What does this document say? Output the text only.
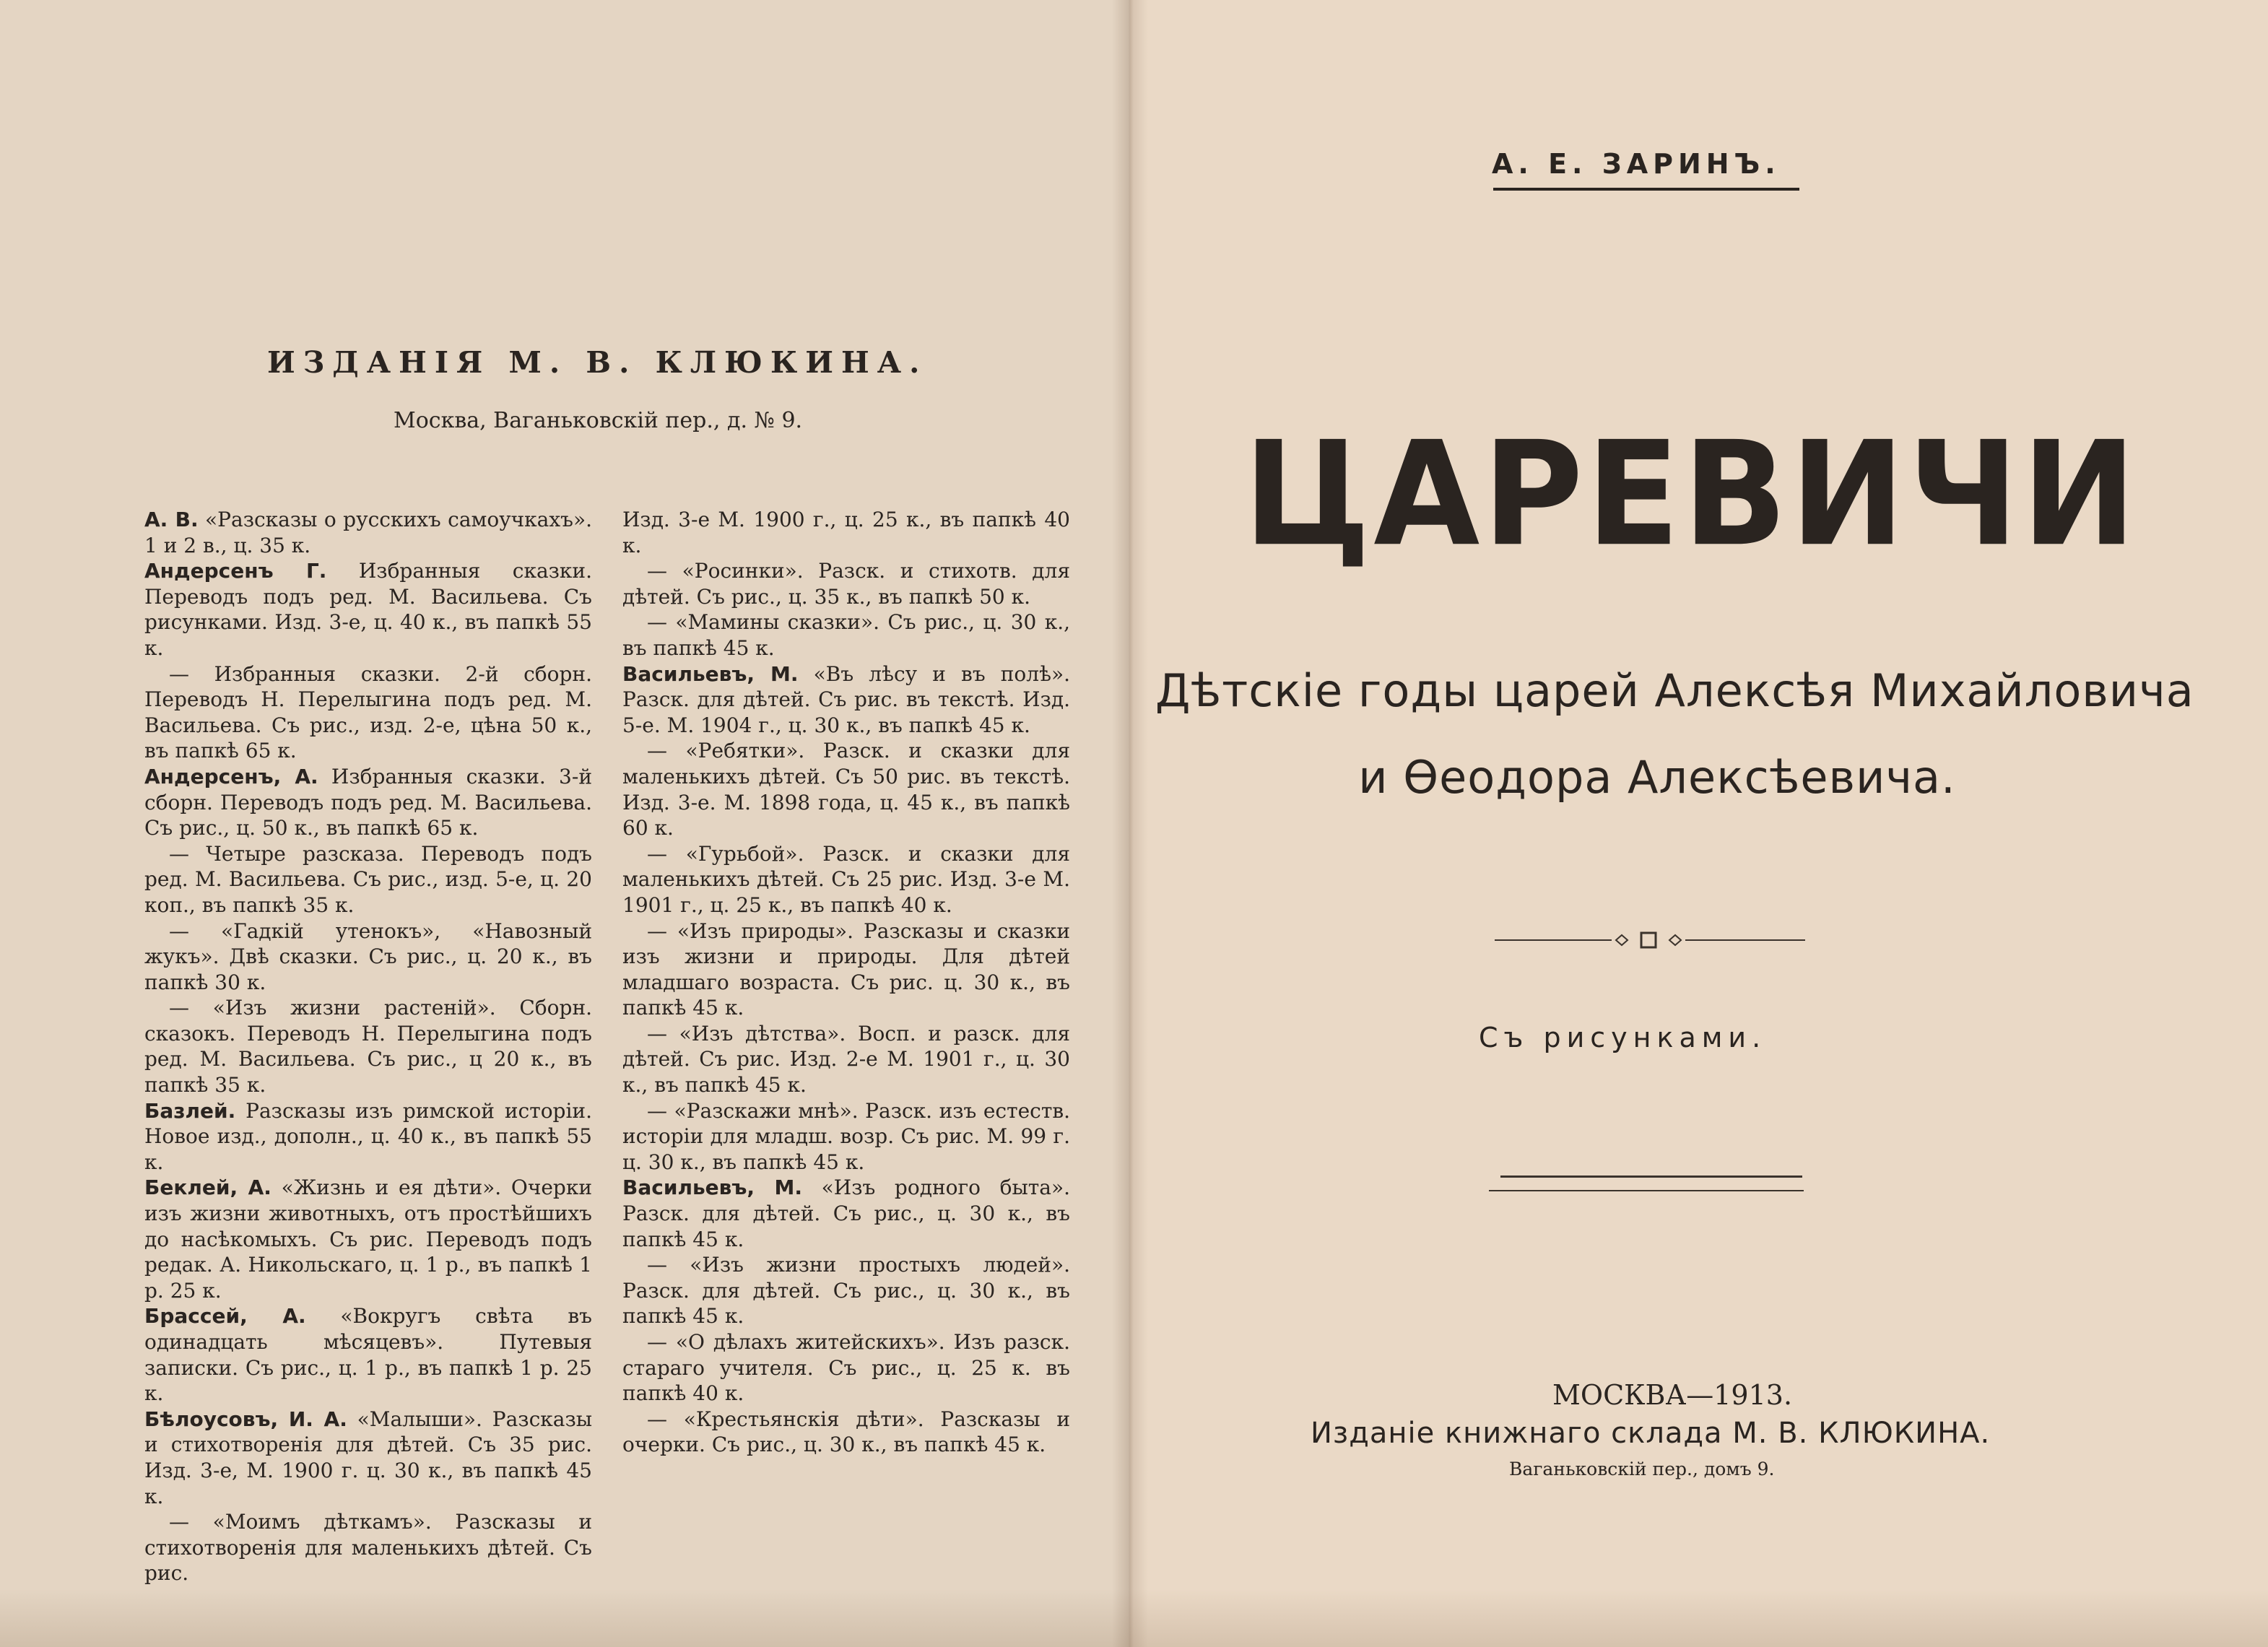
ИЗДАНІЯ М. В. КЛЮКИНА.
Москва, Ваганьковскій пер., д. № 9.

А. В. «Разсказы о русскихъ самоучкахъ». 1 и 2 в., ц. 35 к.

Андерсенъ Г. Избранныя сказки. Переводъ подъ ред. М. Васильева. Съ рисунками. Изд. 3-е, ц. 40 к., въ папкѣ 55 к.

— Избранныя сказки. 2-й сборн. Переводъ Н. Перелыгина подъ ред. М. Васильева. Съ рис., изд. 2-е, цѣна 50 к., въ папкѣ 65 к.

Андерсенъ, А. Избранныя сказки. 3-й сборн. Переводъ подъ ред. М. Васильева. Съ рис., ц. 50 к., въ папкѣ 65 к.

— Четыре разсказа. Переводъ подъ ред. М. Васильева. Съ рис., изд. 5-е, ц. 20 коп., въ папкѣ 35 к.

— «Гадкій утенокъ», «Навозный жукъ». Двѣ сказки. Съ рис., ц. 20 к., въ папкѣ 30 к.

— «Изъ жизни растеній». Сборн. сказокъ. Переводъ Н. Перелыгина подъ ред. М. Васильева. Съ рис., ц 20 к., въ папкѣ 35 к.

Базлей. Разсказы изъ римской исторіи. Новое изд., дополн., ц. 40 к., въ папкѣ 55 к.

Беклей, А. «Жизнь и ея дѣти». Очерки изъ жизни животныхъ, отъ простѣйшихъ до насѣкомыхъ. Съ рис. Переводъ подъ редак. А. Никольскаго, ц. 1 р., въ папкѣ 1 р. 25 к.

Брассей, А. «Вокругъ свѣта въ одинадцать мѣсяцевъ». Путевыя записки. Съ рис., ц. 1 р., въ папкѣ 1 р. 25 к.

Бѣлоусовъ, И. А. «Малыши». Разсказы и стихотворенія для дѣтей. Съ 35 рис. Изд. 3-е, М. 1900 г. ц. 30 к., въ папкѣ 45 к.

— «Моимъ дѣткамъ». Разсказы и стихотворенія для маленькихъ дѣтей. Съ рис.

Изд. 3-е М. 1900 г., ц. 25 к., въ папкѣ 40 к.

— «Росинки». Разск. и стихотв. для дѣтей. Съ рис., ц. 35 к., въ папкѣ 50 к.

— «Мамины сказки». Съ рис., ц. 30 к., въ папкѣ 45 к.

Васильевъ, М. «Въ лѣсу и въ полѣ». Разск. для дѣтей. Съ рис. въ текстѣ. Изд. 5-е. М. 1904 г., ц. 30 к., въ папкѣ 45 к.

— «Ребятки». Разск. и сказки для маленькихъ дѣтей. Съ 50 рис. въ текстѣ. Изд. 3-е. М. 1898 года, ц. 45 к., въ папкѣ 60 к.

— «Гурьбой». Разск. и сказки для маленькихъ дѣтей. Съ 25 рис. Изд. 3-е М. 1901 г., ц. 25 к., въ папкѣ 40 к.

— «Изъ природы». Разсказы и сказки изъ жизни и природы. Для дѣтей младшаго возраста. Съ рис. ц. 30 к., въ папкѣ 45 к.

— «Изъ дѣтства». Восп. и разск. для дѣтей. Съ рис. Изд. 2-е М. 1901 г., ц. 30 к., въ папкѣ 45 к.

— «Разскажи мнѣ». Разск. изъ естеств. исторіи для младш. возр. Съ рис. М. 99 г. ц. 30 к., въ папкѣ 45 к.

Васильевъ, М. «Изъ родного быта». Разск. для дѣтей. Съ рис., ц. 30 к., въ папкѣ 45 к.

— «Изъ жизни простыхъ людей». Разск. для дѣтей. Съ рис., ц. 30 к., въ папкѣ 45 к.

— «О дѣлахъ житейскихъ». Изъ разск. стараго учителя. Съ рис., ц. 25 к. въ папкѣ 40 к.

— «Крестьянскія дѣти». Разсказы и очерки. Съ рис., ц. 30 к., въ папкѣ 45 к.

А. Е. ЗАРИНЪ.
ЦАРЕВИЧИ
Дѣтскіе годы царей Алексѣя Михайловича
и Ѳеодора Алексѣевича.
Съ рисунками.
МОСКВА—1913.
Изданіе книжнаго склада М. В. КЛЮКИНА.
Ваганьковскій пер., домъ 9.
